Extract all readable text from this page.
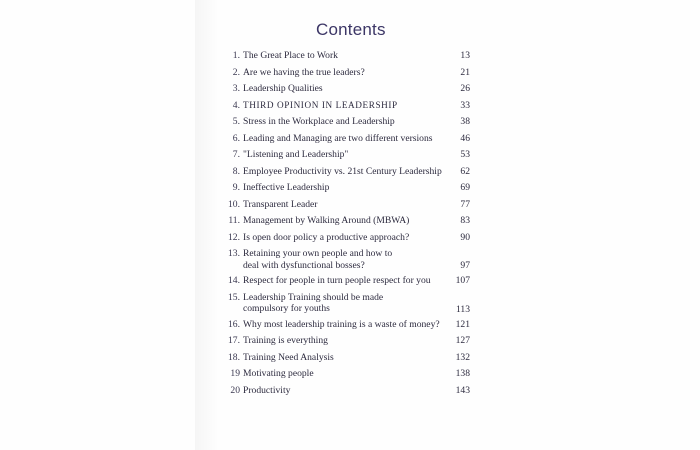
Contents
1. The Great Place to Work	13
2. Are we having the true leaders?	21
3. Leadership Qualities	26
4. THIRD OPINION IN LEADERSHIP	33
5. Stress in the Workplace and Leadership	38
6. Leading and Managing are two different versions	46
7. "Listening and Leadership"	53
8. Employee Productivity vs. 21st Century Leadership	62
9. Ineffective Leadership	69
10. Transparent Leader	77
11. Management by Walking Around (MBWA)	83
12. Is open door policy a productive approach?	90
13. Retaining your own people and how to deal with dysfunctional bosses?	97
14. Respect for people in turn people respect for you	107
15. Leadership Training should be made compulsory for youths	113
16. Why most leadership training is a waste of money?	121
17. Training is everything	127
18. Training Need Analysis	132
19 Motivating people	138
20 Productivity	143
